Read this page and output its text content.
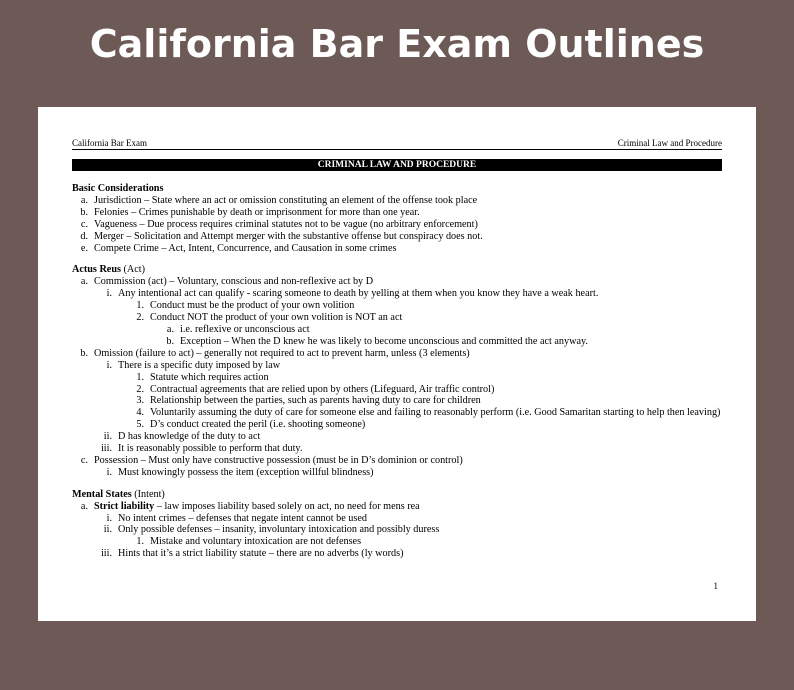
California Bar Exam Outlines
California Bar Exam	Criminal Law and Procedure
CRIMINAL LAW AND PROCEDURE
Basic Considerations
a. Jurisdiction – State where an act or omission constituting an element of the offense took place
b. Felonies – Crimes punishable by death or imprisonment for more than one year.
c. Vagueness – Due process requires criminal statutes not to be vague (no arbitrary enforcement)
d. Merger – Solicitation and Attempt merger with the substantive offense but conspiracy does not.
e. Compete Crime – Act, Intent, Concurrence, and Causation in some crimes
Actus Reus (Act)
a. Commission (act) – Voluntary, conscious and non-reflexive act by D
i. Any intentional act can qualify - scaring someone to death by yelling at them when you know they have a weak heart.
1. Conduct must be the product of your own volition
2. Conduct NOT the product of your own volition is NOT an act
a. i.e. reflexive or unconscious act
b. Exception – When the D knew he was likely to become unconscious and committed the act anyway.
b. Omission (failure to act) – generally not required to act to prevent harm, unless (3 elements)
i. There is a specific duty imposed by law
1. Statute which requires action
2. Contractual agreements that are relied upon by others (Lifeguard, Air traffic control)
3. Relationship between the parties, such as parents having duty to care for children
4. Voluntarily assuming the duty of care for someone else and failing to reasonably perform (i.e. Good Samaritan starting to help then leaving)
5. D’s conduct created the peril (i.e. shooting someone)
ii. D has knowledge of the duty to act
iii. It is reasonably possible to perform that duty.
c. Possession – Must only have constructive possession (must be in D’s dominion or control)
i. Must knowingly possess the item (exception willful blindness)
Mental States (Intent)
a. Strict liability – law imposes liability based solely on act, no need for mens rea
i. No intent crimes – defenses that negate intent cannot be used
ii. Only possible defenses – insanity, involuntary intoxication and possibly duress
1. Mistake and voluntary intoxication are not defenses
iii. Hints that it’s a strict liability statute – there are no adverbs (ly words)
1
